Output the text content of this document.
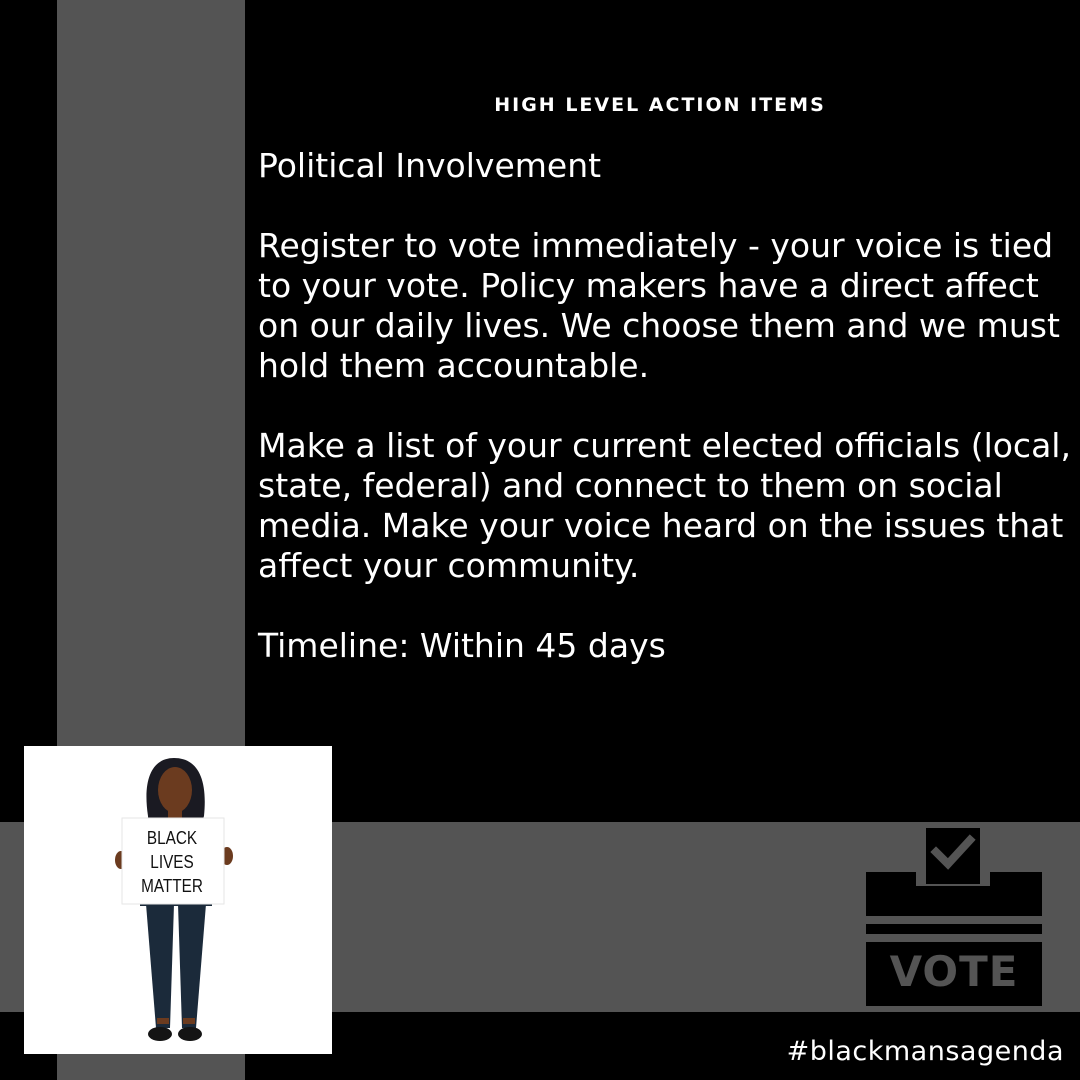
HIGH LEVEL ACTION ITEMS

Political Involvement

Register to vote immediately - your voice is tied to your vote. Policy makers have a direct affect on our daily lives. We choose them and we must hold them accountable.

Make a list of your current elected officials (local, state, federal) and connect to them on social media. Make your voice heard on the issues that affect your community.

Timeline: Within 45 days

BLACK
LIVES
MATTER
VOTE
#blackmansagenda
